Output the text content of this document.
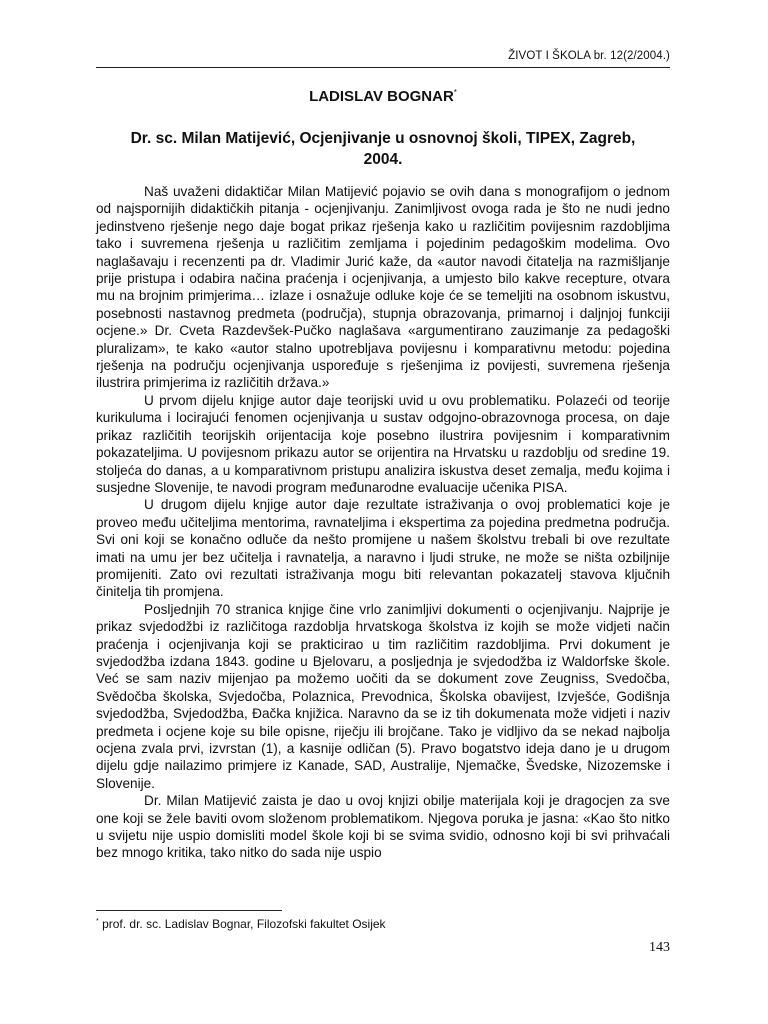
ŽIVOT I ŠKOLA br. 12(2/2004.)
LADISLAV BOGNAR*
Dr. sc. Milan Matijević, Ocjenjivanje u osnovnoj školi, TIPEX, Zagreb, 2004.

Naš uvaženi didaktičar Milan Matijević pojavio se ovih dana s monografijom o jednom od najspornijih didaktičkih pitanja - ocjenjivanju. Zanimljivost ovoga rada je što ne nudi jedno jedinstveno rješenje nego daje bogat prikaz rješenja kako u različitim povijesnim razdobljima tako i suvremena rješenja u različitim zemljama i pojedinim pedagoškim modelima. Ovo naglašavaju i recenzenti pa dr. Vladimir Jurić kaže, da «autor navodi čitatelja na razmišljanje prije pristupa i odabira načina praćenja i ocjenjivanja, a umjesto bilo kakve recepture, otvara mu na brojnim primjerima… izlaze i osnažuje odluke koje će se temeljiti na osobnom iskustvu, posebnosti nastavnog predmeta (područja), stupnja obrazovanja, primarnoj i daljnjoj funkciji ocjene.» Dr. Cveta Razdevšek-Pučko naglašava «argumentirano zauzimanje za pedagoški pluralizam», te kako «autor stalno upotrebljava povijesnu i komparativnu metodu: pojedina rješenja na području ocjenjivanja uspoređuje s rješenjima iz povijesti, suvremena rješenja ilustrira primjerima iz različitih država.»

U prvom dijelu knjige autor daje teorijski uvid u ovu problematiku. Polazeći od teorije kurikuluma i locirajući fenomen ocjenjivanja u sustav odgojno-obrazovnoga procesa, on daje prikaz različitih teorijskih orijentacija koje posebno ilustrira povijesnim i komparativnim pokazateljima. U povijesnom prikazu autor se orijentira na Hrvatsku u razdoblju od sredine 19. stoljeća do danas, a u komparativnom pristupu analizira iskustva deset zemalja, među kojima i susjedne Slovenije, te navodi program međunarodne evaluacije učenika PISA.

U drugom dijelu knjige autor daje rezultate istraživanja o ovoj problematici koje je proveo među učiteljima mentorima, ravnateljima i ekspertima za pojedina predmetna područja. Svi oni koji se konačno odluče da nešto promijene u našem školstvu trebali bi ove rezultate imati na umu jer bez učitelja i ravnatelja, a naravno i ljudi struke, ne može se ništa ozbiljnije promijeniti. Zato ovi rezultati istraživanja mogu biti relevantan pokazatelj stavova ključnih činitelja tih promjena.

Posljednjih 70 stranica knjige čine vrlo zanimljivi dokumenti o ocjenjivanju. Najprije je prikaz svjedodžbi iz različitoga razdoblja hrvatskoga školstva iz kojih se može vidjeti način praćenja i ocjenjivanja koji se prakticirao u tim različitim razdobljima. Prvi dokument je svjedodžba izdana 1843. godine u Bjelovaru, a posljednja je svjedodžba iz Waldorfske škole. Već se sam naziv mijenjao pa možemo uočiti da se dokument zove Zeugniss, Svedočba, Svědočba školska, Svjedočba, Polaznica, Prevodnica, Školska obavijest, Izvješće, Godišnja svjedodžba, Svjedodžba, Đačka knjižica. Naravno da se iz tih dokumenata može vidjeti i naziv predmeta i ocjene koje su bile opisne, riječju ili brojčane. Tako je vidljivo da se nekad najbolja ocjena zvala prvi, izvrstan (1), a kasnije odličan (5). Pravo bogatstvo ideja dano je u drugom dijelu gdje nailazimo primjere iz Kanade, SAD, Australije, Njemačke, Švedske, Nizozemske i Slovenije.

Dr. Milan Matijević zaista je dao u ovoj knjizi obilje materijala koji je dragocjen za sve one koji se žele baviti ovom složenom problematikom. Njegova poruka je jasna: «Kao što nitko u svijetu nije uspio domisliti model škole koji bi se svima svidio, odnosno koji bi svi prihvaćali bez mnogo kritika, tako nitko do sada nije uspio

* prof. dr. sc. Ladislav Bognar, Filozofski fakultet Osijek
143
